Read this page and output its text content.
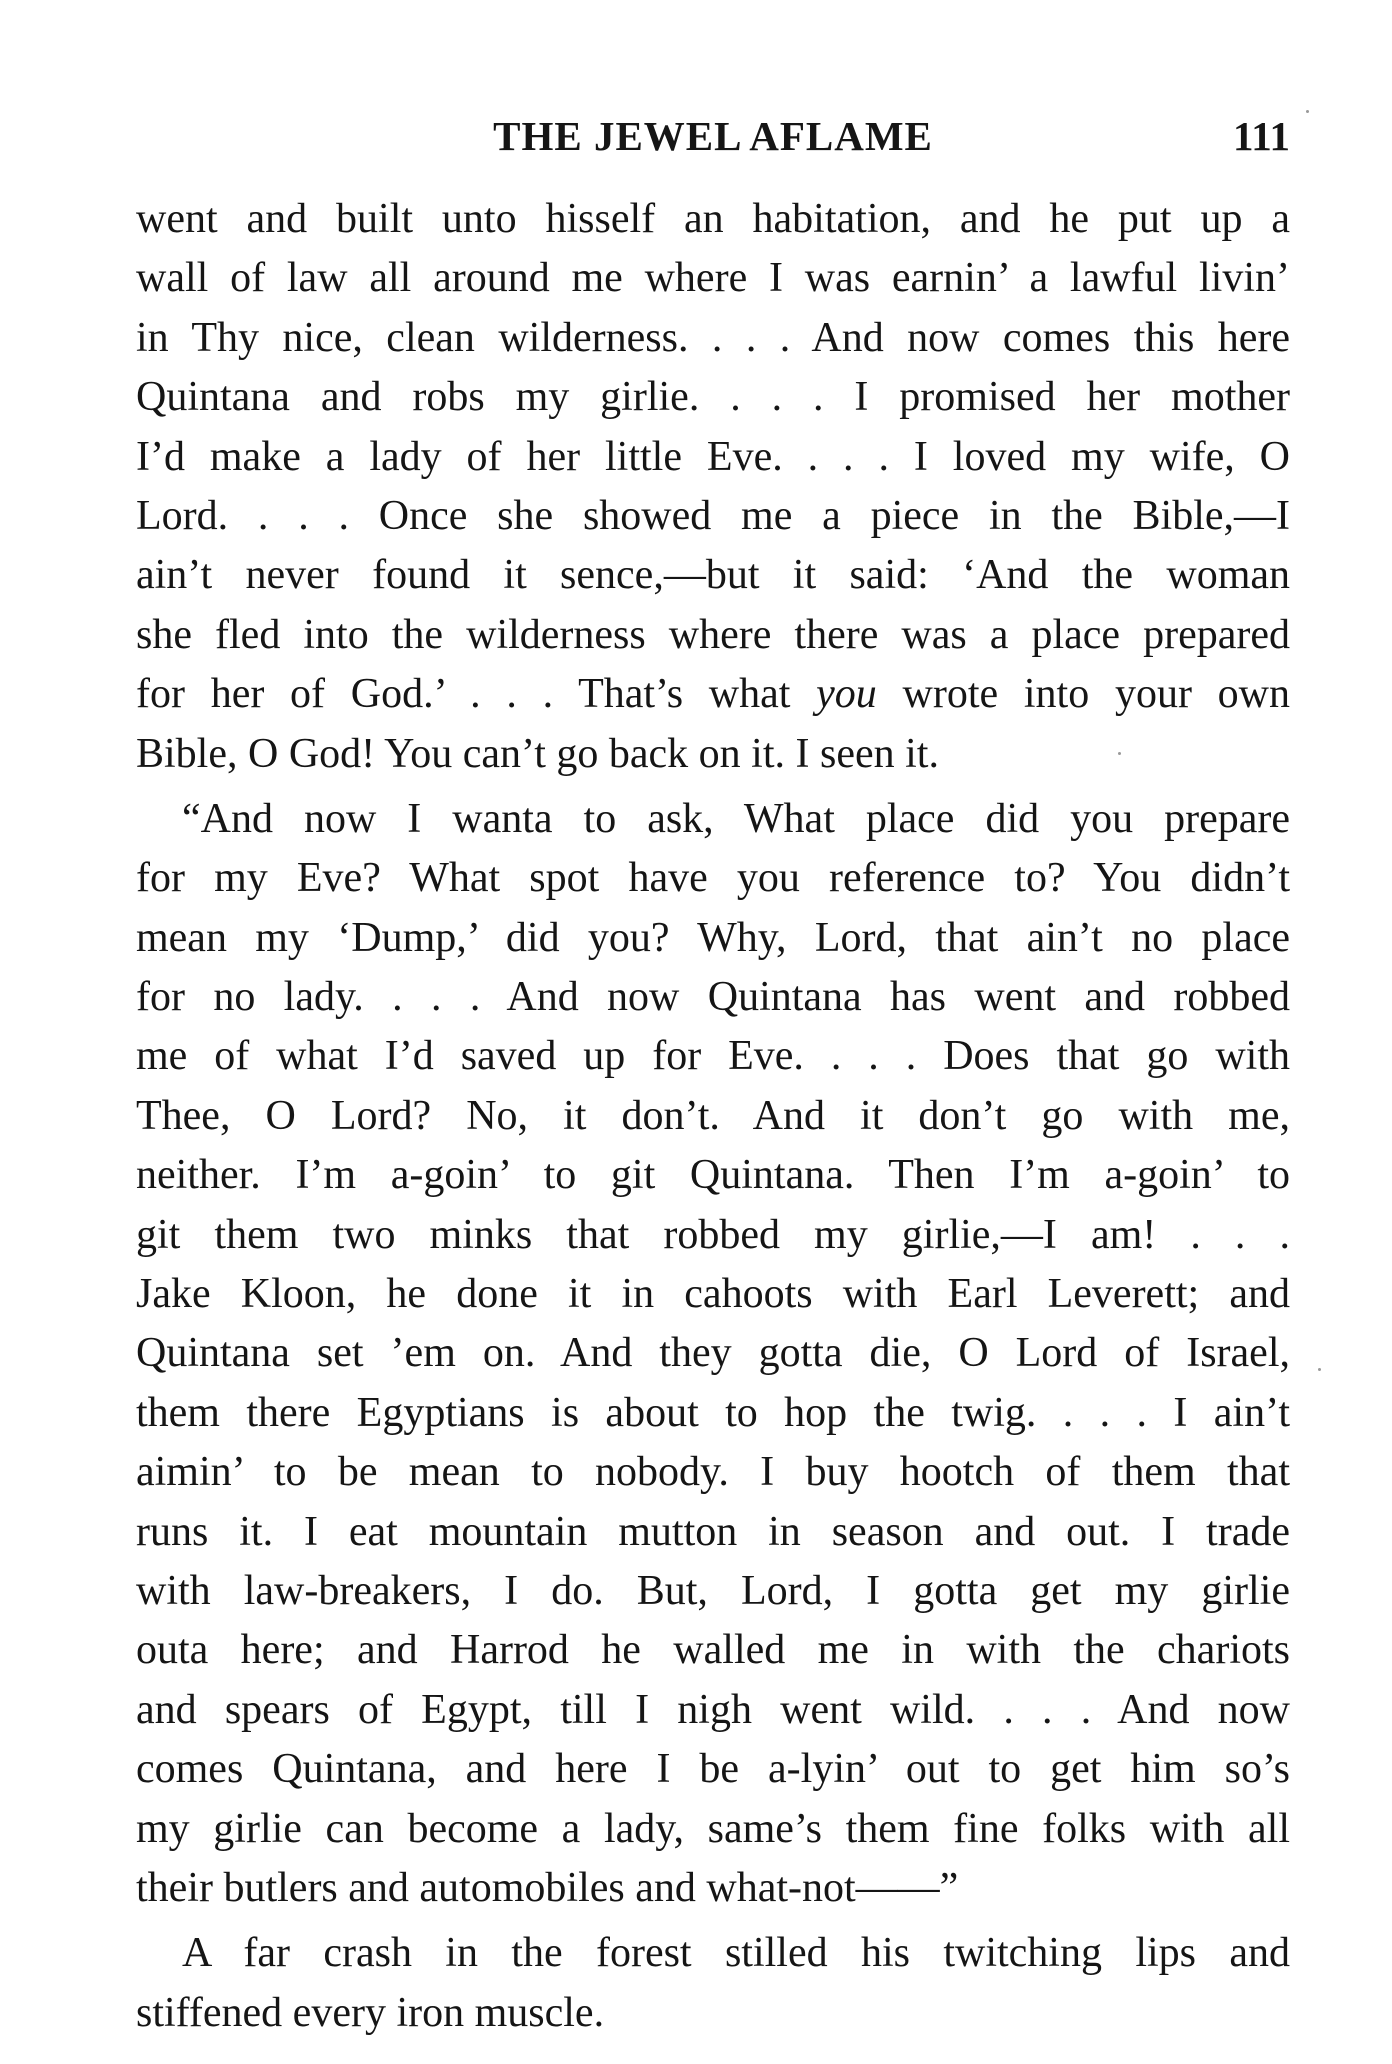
THE JEWEL AFLAME	111
went and built unto hisself an habitation, and he put up a
wall of law all around me where I was earnin’ a lawful livin’
in Thy nice, clean wilderness. . . . And now comes this here
Quintana and robs my girlie. . . . I promised her mother
I’d make a lady of her little Eve. . . . I loved my wife, O
Lord. . . . Once she showed me a piece in the Bible,—I
ain’t never found it sence,—but it said: ‘And the woman
she fled into the wilderness where there was a place prepared
for her of God.’ . . . That’s what you wrote into your own
Bible, O God! You can’t go back on it. I seen it.
“And now I wanta to ask, What place did you prepare
for my Eve? What spot have you reference to? You didn’t
mean my ‘Dump,’ did you? Why, Lord, that ain’t no place
for no lady. . . . And now Quintana has went and robbed
me of what I’d saved up for Eve. . . . Does that go with
Thee, O Lord? No, it don’t. And it don’t go with me,
neither. I’m a-goin’ to git Quintana. Then I’m a-goin’ to
git them two minks that robbed my girlie,—I am! . . .
Jake Kloon, he done it in cahoots with Earl Leverett; and
Quintana set ’em on. And they gotta die, O Lord of Israel,
them there Egyptians is about to hop the twig. . . . I ain’t
aimin’ to be mean to nobody. I buy hootch of them that
runs it. I eat mountain mutton in season and out. I trade
with law-breakers, I do. But, Lord, I gotta get my girlie
outa here; and Harrod he walled me in with the chariots
and spears of Egypt, till I nigh went wild. . . . And now
comes Quintana, and here I be a-lyin’ out to get him so’s
my girlie can become a lady, same’s them fine folks with all
their butlers and automobiles and what-not——”
A far crash in the forest stilled his twitching lips and
stiffened every iron muscle.
